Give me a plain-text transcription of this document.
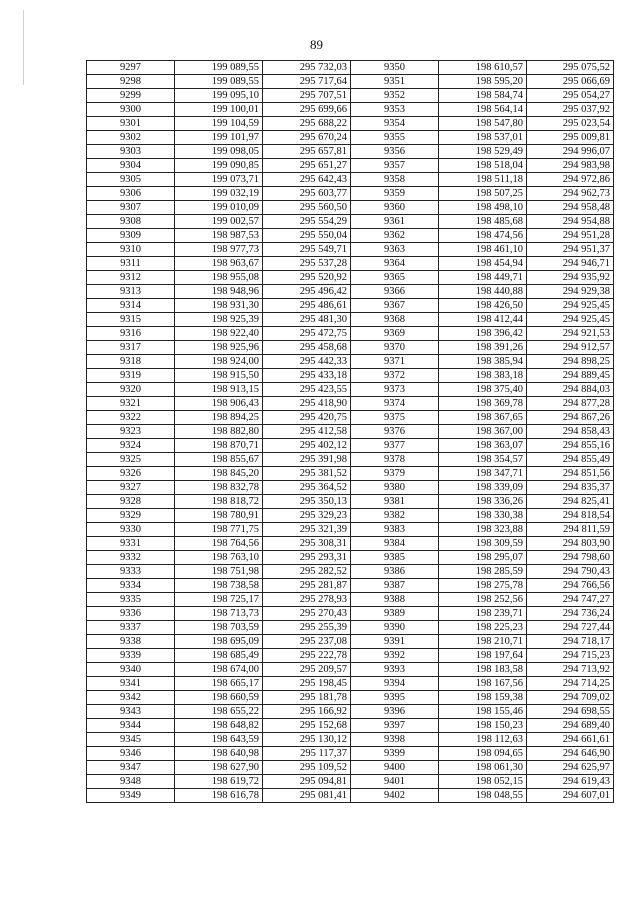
89
9297	199 089,55	295 732,03	9350	198 610,57	295 075,52
9298	199 089,55	295 717,64	9351	198 595,20	295 066,69
9299	199 095,10	295 707,51	9352	198 584,74	295 054,27
9300	199 100,01	295 699,66	9353	198 564,14	295 037,92
9301	199 104,59	295 688,22	9354	198 547,80	295 023,54
9302	199 101,97	295 670,24	9355	198 537,01	295 009,81
9303	199 098,05	295 657,81	9356	198 529,49	294 996,07
9304	199 090,85	295 651,27	9357	198 518,04	294 983,98
9305	199 073,71	295 642,43	9358	198 511,18	294 972,86
9306	199 032,19	295 603,77	9359	198 507,25	294 962,73
9307	199 010,09	295 560,50	9360	198 498,10	294 958,48
9308	199 002,57	295 554,29	9361	198 485,68	294 954,88
9309	198 987,53	295 550,04	9362	198 474,56	294 951,28
9310	198 977,73	295 549,71	9363	198 461,10	294 951,37
9311	198 963,67	295 537,28	9364	198 454,94	294 946,71
9312	198 955,08	295 520,92	9365	198 449,71	294 935,92
9313	198 948,96	295 496,42	9366	198 440,88	294 929,38
9314	198 931,30	295 486,61	9367	198 426,50	294 925,45
9315	198 925,39	295 481,30	9368	198 412,44	294 925,45
9316	198 922,40	295 472,75	9369	198 396,42	294 921,53
9317	198 925,96	295 458,68	9370	198 391,26	294 912,57
9318	198 924,00	295 442,33	9371	198 385,94	294 898,25
9319	198 915,50	295 433,18	9372	198 383,18	294 889,45
9320	198 913,15	295 423,55	9373	198 375,40	294 884,03
9321	198 906,43	295 418,90	9374	198 369,78	294 877,28
9322	198 894,25	295 420,75	9375	198 367,65	294 867,26
9323	198 882,80	295 412,58	9376	198 367,00	294 858,43
9324	198 870,71	295 402,12	9377	198 363,07	294 855,16
9325	198 855,67	295 391,98	9378	198 354,57	294 855,49
9326	198 845,20	295 381,52	9379	198 347,71	294 851,56
9327	198 832,78	295 364,52	9380	198 339,09	294 835,37
9328	198 818,72	295 350,13	9381	198 336,26	294 825,41
9329	198 780,91	295 329,23	9382	198 330,38	294 818,54
9330	198 771,75	295 321,39	9383	198 323,88	294 811,59
9331	198 764,56	295 308,31	9384	198 309,59	294 803,90
9332	198 763,10	295 293,31	9385	198 295,07	294 798,60
9333	198 751,98	295 282,52	9386	198 285,59	294 790,43
9334	198 738,58	295 281,87	9387	198 275,78	294 766,56
9335	198 725,17	295 278,93	9388	198 252,56	294 747,27
9336	198 713,73	295 270,43	9389	198 239,71	294 736,24
9337	198 703,59	295 255,39	9390	198 225,23	294 727,44
9338	198 695,09	295 237,08	9391	198 210,71	294 718,17
9339	198 685,49	295 222,78	9392	198 197,64	294 715,23
9340	198 674,00	295 209,57	9393	198 183,58	294 713,92
9341	198 665,17	295 198,45	9394	198 167,56	294 714,25
9342	198 660,59	295 181,78	9395	198 159,38	294 709,02
9343	198 655,22	295 166,92	9396	198 155,46	294 698,55
9344	198 648,82	295 152,68	9397	198 150,23	294 689,40
9345	198 643,59	295 130,12	9398	198 112,63	294 661,61
9346	198 640,98	295 117,37	9399	198 094,65	294 646,90
9347	198 627,90	295 109,52	9400	198 061,30	294 625,97
9348	198 619,72	295 094,81	9401	198 052,15	294 619,43
9349	198 616,78	295 081,41	9402	198 048,55	294 607,01
